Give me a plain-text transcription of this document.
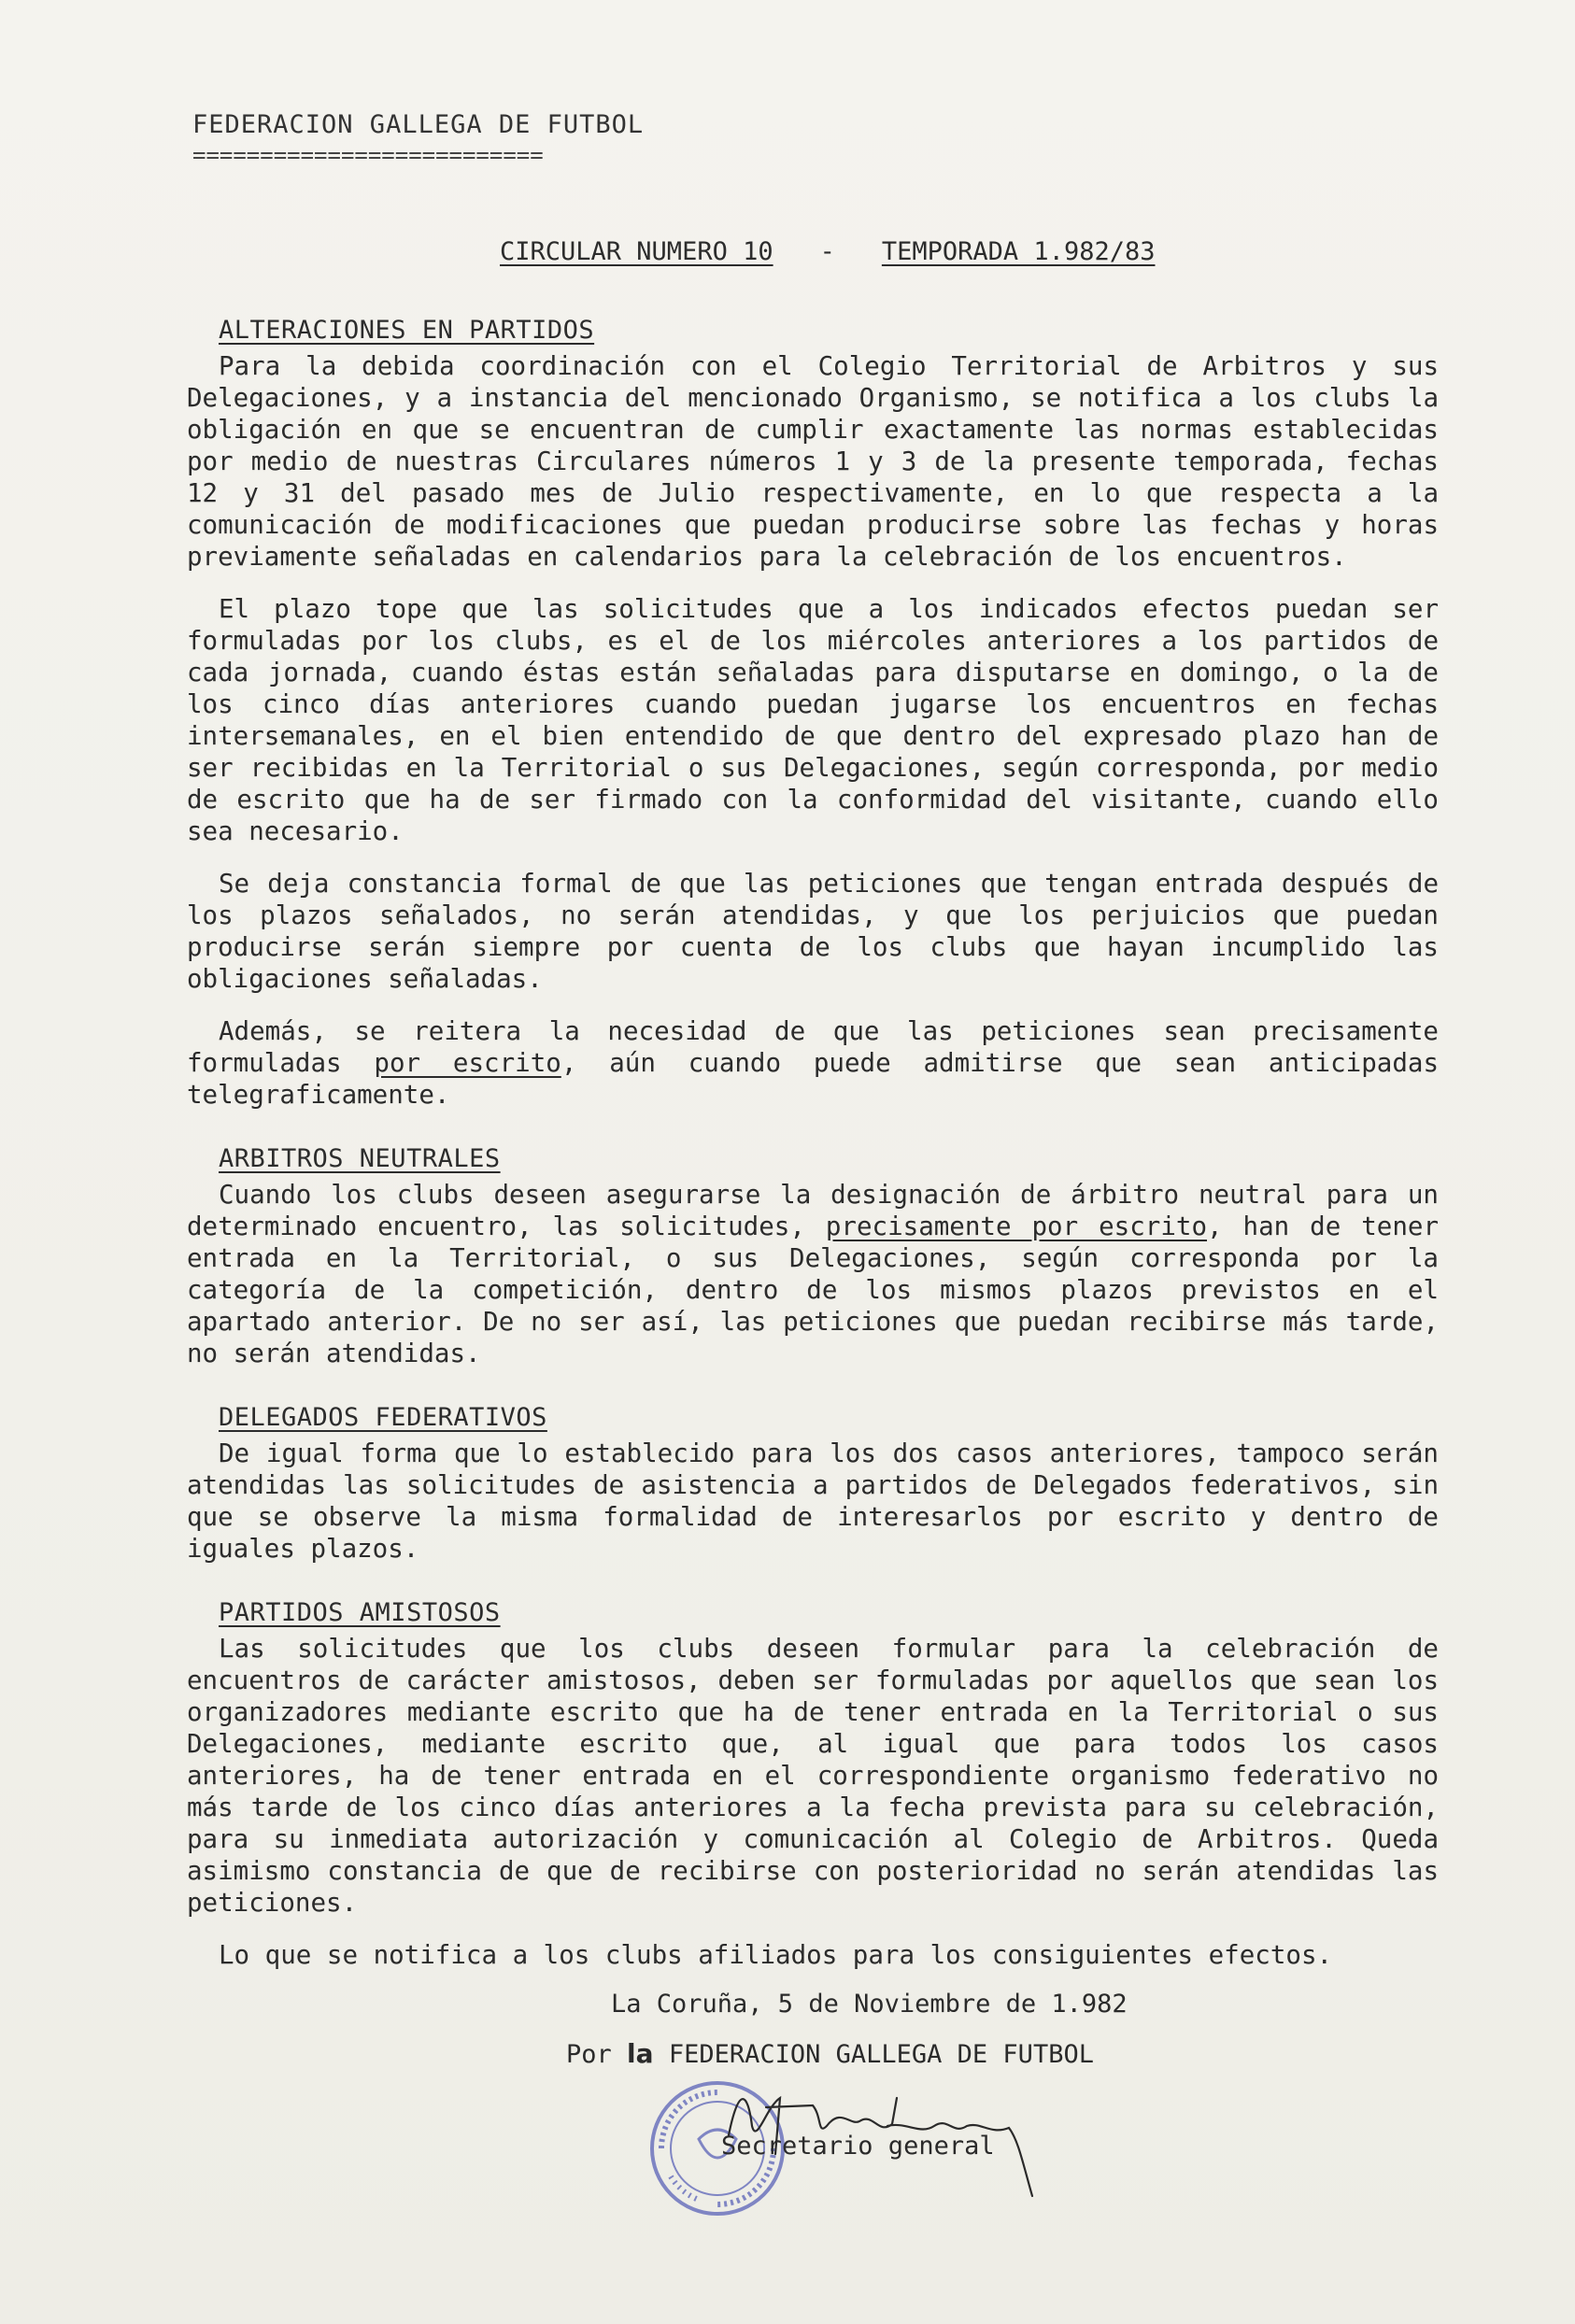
FEDERACION GALLEGA DE FUTBOL
==========================
CIRCULAR NUMERO 10 - TEMPORADA 1.982/83
ALTERACIONES EN PARTIDOS

Para la debida coordinación con el Colegio Territorial de Arbitros y sus Delegaciones, y a instancia del mencionado Organismo, se notifica a los clubs la obligación en que se encuentran de cumplir exactamente las normas establecidas por medio de nuestras Circulares números 1 y 3 de la presente temporada, fechas 12 y 31 del pasado mes de Julio respectivamente, en lo que respecta a la comunicación de modificaciones que puedan producirse sobre las fechas y horas previamente señaladas en calendarios para la celebración de los encuentros.

El plazo tope que las solicitudes que a los indicados efectos puedan ser formuladas por los clubs, es el de los miércoles anteriores a los partidos de cada jornada, cuando éstas están señaladas para disputarse en domingo, o la de los cinco días anteriores cuando puedan jugarse los encuentros en fechas intersemanales, en el bien entendido de que dentro del expresado plazo han de ser recibidas en la Territorial o sus Delegaciones, según corresponda, por medio de escrito que ha de ser firmado con la conformidad del visitante, cuando ello sea necesario.

Se deja constancia formal de que las peticiones que tengan entrada después de los plazos señalados, no serán atendidas, y que los perjuicios que puedan producirse serán siempre por cuenta de los clubs que hayan incumplido las obligaciones señaladas.

Además, se reitera la necesidad de que las peticiones sean precisamente formuladas por escrito, aún cuando puede admitirse que sean anticipadas telegraficamente.

ARBITROS NEUTRALES

Cuando los clubs deseen asegurarse la designación de árbitro neutral para un determinado encuentro, las solicitudes, precisamente por escrito, han de tener entrada en la Territorial, o sus Delegaciones, según corresponda por la categoría de la competición, dentro de los mismos plazos previstos en el apartado anterior. De no ser así, las peticiones que puedan recibirse más tarde, no serán atendidas.

DELEGADOS FEDERATIVOS

De igual forma que lo establecido para los dos casos anteriores, tampoco serán atendidas las solicitudes de asistencia a partidos de Delegados federativos, sin que se observe la misma formalidad de interesarlos por escrito y dentro de iguales plazos.

PARTIDOS AMISTOSOS

Las solicitudes que los clubs deseen formular para la celebración de encuentros de carácter amistosos, deben ser formuladas por aquellos que sean los organizadores mediante escrito que ha de tener entrada en la Territorial o sus Delegaciones, mediante escrito que, al igual que para todos los casos anteriores, ha de tener entrada en el correspondiente organismo federativo no más tarde de los cinco días anteriores a la fecha prevista para su celebración, para su inmediata autorización y comunicación al Colegio de Arbitros. Queda asimismo constancia de que de recibirse con posterioridad no serán atendidas las peticiones.

Lo que se notifica a los clubs afiliados para los consiguientes efectos.

La Coruña, 5 de Noviembre de 1.982
Por la FEDERACION GALLEGA DE FUTBOL
Secretario general
